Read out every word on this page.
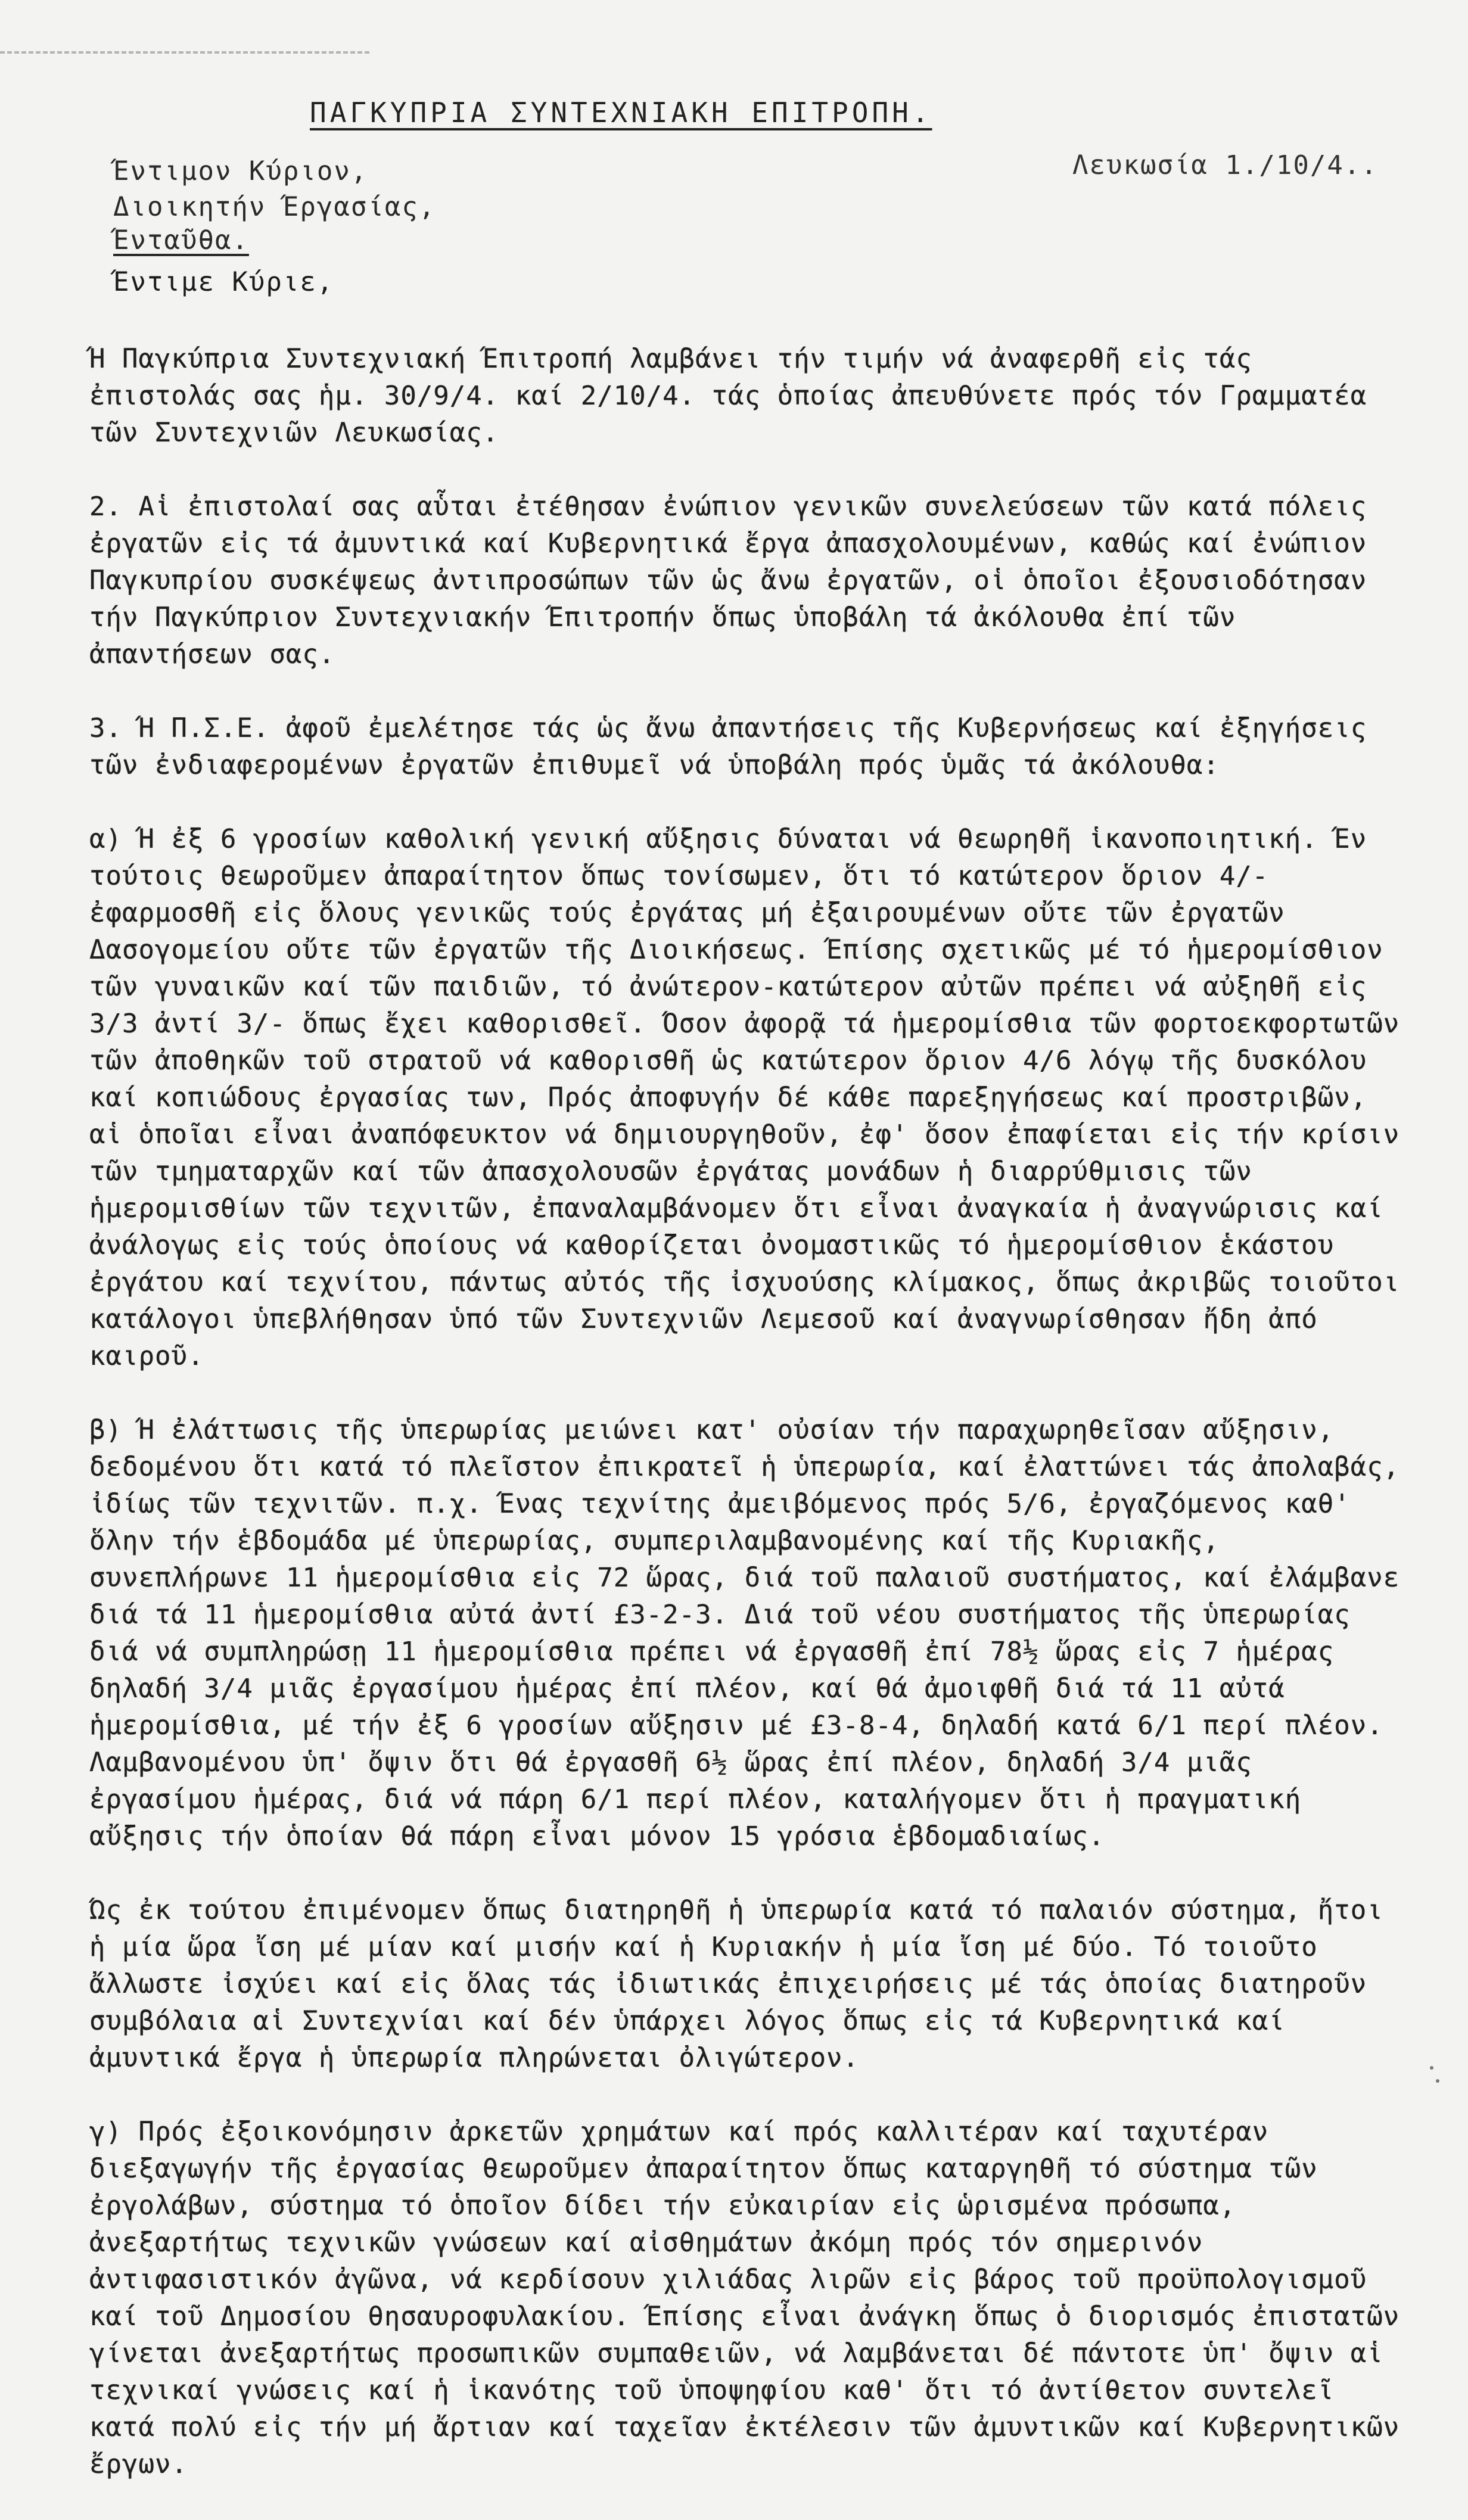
ΠΑΓΚΥΠΡΙΑ ΣΥΝΤΕΧΝΙΑΚΗ ΕΠΙΤΡΟΠΗ.
Λευκωσία 1./10/4..
Έντιμον Κύριον,
Διοικητήν Έργασίας,
Ένταῦθα.
Έντιμε Κύριε,

Ή Παγκύπρια Συντεχνιακή Έπιτροπή λαμβάνει τήν τιμήν νά ἀναφερθῆ εἰς τάς ἐπιστολάς σας ἡμ. 30/9/4. καί 2/10/4. τάς ὁποίας ἀπευθύνετε πρός τόν Γραμματέα τῶν Συντεχνιῶν Λευκωσίας.

2. Αἱ ἐπιστολαί σας αὗται ἐτέθησαν ἐνώπιον γενικῶν συνελεύσεων τῶν κατά πόλεις ἐργατῶν εἰς τά ἀμυντικά καί Κυβερνητικά ἔργα ἀπασχολουμένων, καθώς καί ἐνώπιον Παγκυπρίου συσκέψεως ἀντιπροσώπων τῶν ὡς ἄνω ἐργατῶν, οἱ ὁποῖοι ἐξουσιοδότησαν τήν Παγκύπριον Συντεχνιακήν Έπιτροπήν ὅπως ὑποβάλη τά ἀκόλουθα ἐπί τῶν ἀπαντήσεων σας.

3. Ή Π.Σ.Ε. ἀφοῦ ἐμελέτησε τάς ὡς ἄνω ἀπαντήσεις τῆς Κυβερνήσεως καί ἐξηγήσεις τῶν ἐνδιαφερομένων ἐργατῶν ἐπιθυμεῖ νά ὑποβάλη πρός ὑμᾶς τά ἀκόλουθα:

α) Ή ἐξ 6 γροσίων καθολική γενική αὔξησις δύναται νά θεωρηθῆ ἱκανοποιητική. Έν τούτοις θεωροῦμεν ἀπαραίτητον ὅπως τονίσωμεν, ὅτι τό κατώτερον ὅριον 4/- ἐφαρμοσθῆ εἰς ὅλους γενικῶς τούς ἐργάτας μή ἐξαιρουμένων οὔτε τῶν ἐργατῶν Δασογομείου οὔτε τῶν ἐργατῶν τῆς Διοικήσεως. Έπίσης σχετικῶς μέ τό ἡμερομίσθιον τῶν γυναικῶν καί τῶν παιδιῶν, τό ἀνώτερον-κατώτερον αὐτῶν πρέπει νά αὐξηθῆ εἰς 3/3 ἀντί 3/- ὅπως ἔχει καθορισθεῖ. Όσον ἀφορᾷ τά ἡμερομίσθια τῶν φορτοεκφορτωτῶν τῶν ἀποθηκῶν τοῦ στρατοῦ νά καθορισθῆ ὡς κατώτερον ὅριον 4/6 λόγῳ τῆς δυσκόλου καί κοπιώδους ἐργασίας των, Πρός ἀποφυγήν δέ κάθε παρεξηγήσεως καί προστριβῶν, αἱ ὁποῖαι εἶναι ἀναπόφευκτον νά δημιουργηθοῦν, ἐφ' ὅσον ἐπαφίεται εἰς τήν κρίσιν τῶν τμηματαρχῶν καί τῶν ἀπασχολουσῶν ἐργάτας μονάδων ἡ διαρρύθμισις τῶν ἡμερομισθίων τῶν τεχνιτῶν, ἐπαναλαμβάνομεν ὅτι εἶναι ἀναγκαία ἡ ἀναγνώρισις καί ἀνάλογως εἰς τούς ὁποίους νά καθορίζεται ὀνομαστικῶς τό ἡμερομίσθιον ἑκάστου ἐργάτου καί τεχνίτου, πάντως αὐτός τῆς ἰσχυούσης κλίμακος, ὅπως ἀκριβῶς τοιοῦτοι κατάλογοι ὑπεβλήθησαν ὑπό τῶν Συντεχνιῶν Λεμεσοῦ καί ἀναγνωρίσθησαν ἤδη ἀπό καιροῦ.

β) Ή ἐλάττωσις τῆς ὑπερωρίας μειώνει κατ' οὐσίαν τήν παραχωρηθεῖσαν αὔξησιν, δεδομένου ὅτι κατά τό πλεῖστον ἐπικρατεῖ ἡ ὑπερωρία, καί ἐλαττώνει τάς ἀπολαβάς, ἰδίως τῶν τεχνιτῶν. π.χ. Ένας τεχνίτης ἀμειβόμενος πρός 5/6, ἐργαζόμενος καθ' ὅλην τήν ἑβδομάδα μέ ὑπερωρίας, συμπεριλαμβανομένης καί τῆς Κυριακῆς, συνεπλήρωνε 11 ἡμερομίσθια εἰς 72 ὥρας, διά τοῦ παλαιοῦ συστήματος, καί ἐλάμβανε διά τά 11 ἡμερομίσθια αὐτά ἀντί £3-2-3. Διά τοῦ νέου συστήματος τῆς ὑπερωρίας διά νά συμπληρώσῃ 11 ἡμερομίσθια πρέπει νά ἐργασθῆ ἐπί 78½ ὥρας εἰς 7 ἡμέρας δηλαδή 3/4 μιᾶς ἐργασίμου ἡμέρας ἐπί πλέον, καί θά ἀμοιφθῆ διά τά 11 αὐτά ἡμερομίσθια, μέ τήν ἐξ 6 γροσίων αὔξησιν μέ £3-8-4, δηλαδή κατά 6/1 περί πλέον. Λαμβανομένου ὑπ' ὄψιν ὅτι θά ἐργασθῆ 6½ ὥρας ἐπί πλέον, δηλαδή 3/4 μιᾶς ἐργασίμου ἡμέρας, διά νά πάρη 6/1 περί πλέον, καταλήγομεν ὅτι ἡ πραγματική αὔξησις τήν ὁποίαν θά πάρη εἶναι μόνον 15 γρόσια ἑβδομαδιαίως.

Ώς ἐκ τούτου ἐπιμένομεν ὅπως διατηρηθῆ ἡ ὑπερωρία κατά τό παλαιόν σύστημα, ἤτοι ἡ μία ὥρα ἴση μέ μίαν καί μισήν καί ἡ Κυριακήν ἡ μία ἴση μέ δύο. Τό τοιοῦτο ἄλλωστε ἰσχύει καί εἰς ὅλας τάς ἰδιωτικάς ἐπιχειρήσεις μέ τάς ὁποίας διατηροῦν συμβόλαια αἱ Συντεχνίαι καί δέν ὑπάρχει λόγος ὅπως εἰς τά Κυβερνητικά καί ἀμυντικά ἔργα ἡ ὑπερωρία πληρώνεται ὀλιγώτερον.

γ) Πρός ἐξοικονόμησιν ἀρκετῶν χρημάτων καί πρός καλλιτέραν καί ταχυτέραν διεξαγωγήν τῆς ἐργασίας θεωροῦμεν ἀπαραίτητον ὅπως καταργηθῆ τό σύστημα τῶν ἐργολάβων, σύστημα τό ὁποῖον δίδει τήν εὐκαιρίαν εἰς ὡρισμένα πρόσωπα, ἀνεξαρτήτως τεχνικῶν γνώσεων καί αἰσθημάτων ἀκόμη πρός τόν σημερινόν ἀντιφασιστικόν ἀγῶνα, νά κερδίσουν χιλιάδας λιρῶν εἰς βάρος τοῦ προϋπολογισμοῦ καί τοῦ Δημοσίου θησαυροφυλακίου. Έπίσης εἶναι ἀνάγκη ὅπως ὁ διορισμός ἐπιστατῶν γίνεται ἀνεξαρτήτως προσωπικῶν συμπαθειῶν, νά λαμβάνεται δέ πάντοτε ὑπ' ὄψιν αἱ τεχνικαί γνώσεις καί ἡ ἱκανότης τοῦ ὑποψηφίου καθ' ὅτι τό ἀντίθετον συντελεῖ κατά πολύ εἰς τήν μή ἄρτιαν καί ταχεῖαν ἐκτέλεσιν τῶν ἀμυντικῶν καί Κυβερνητικῶν ἔργων.
